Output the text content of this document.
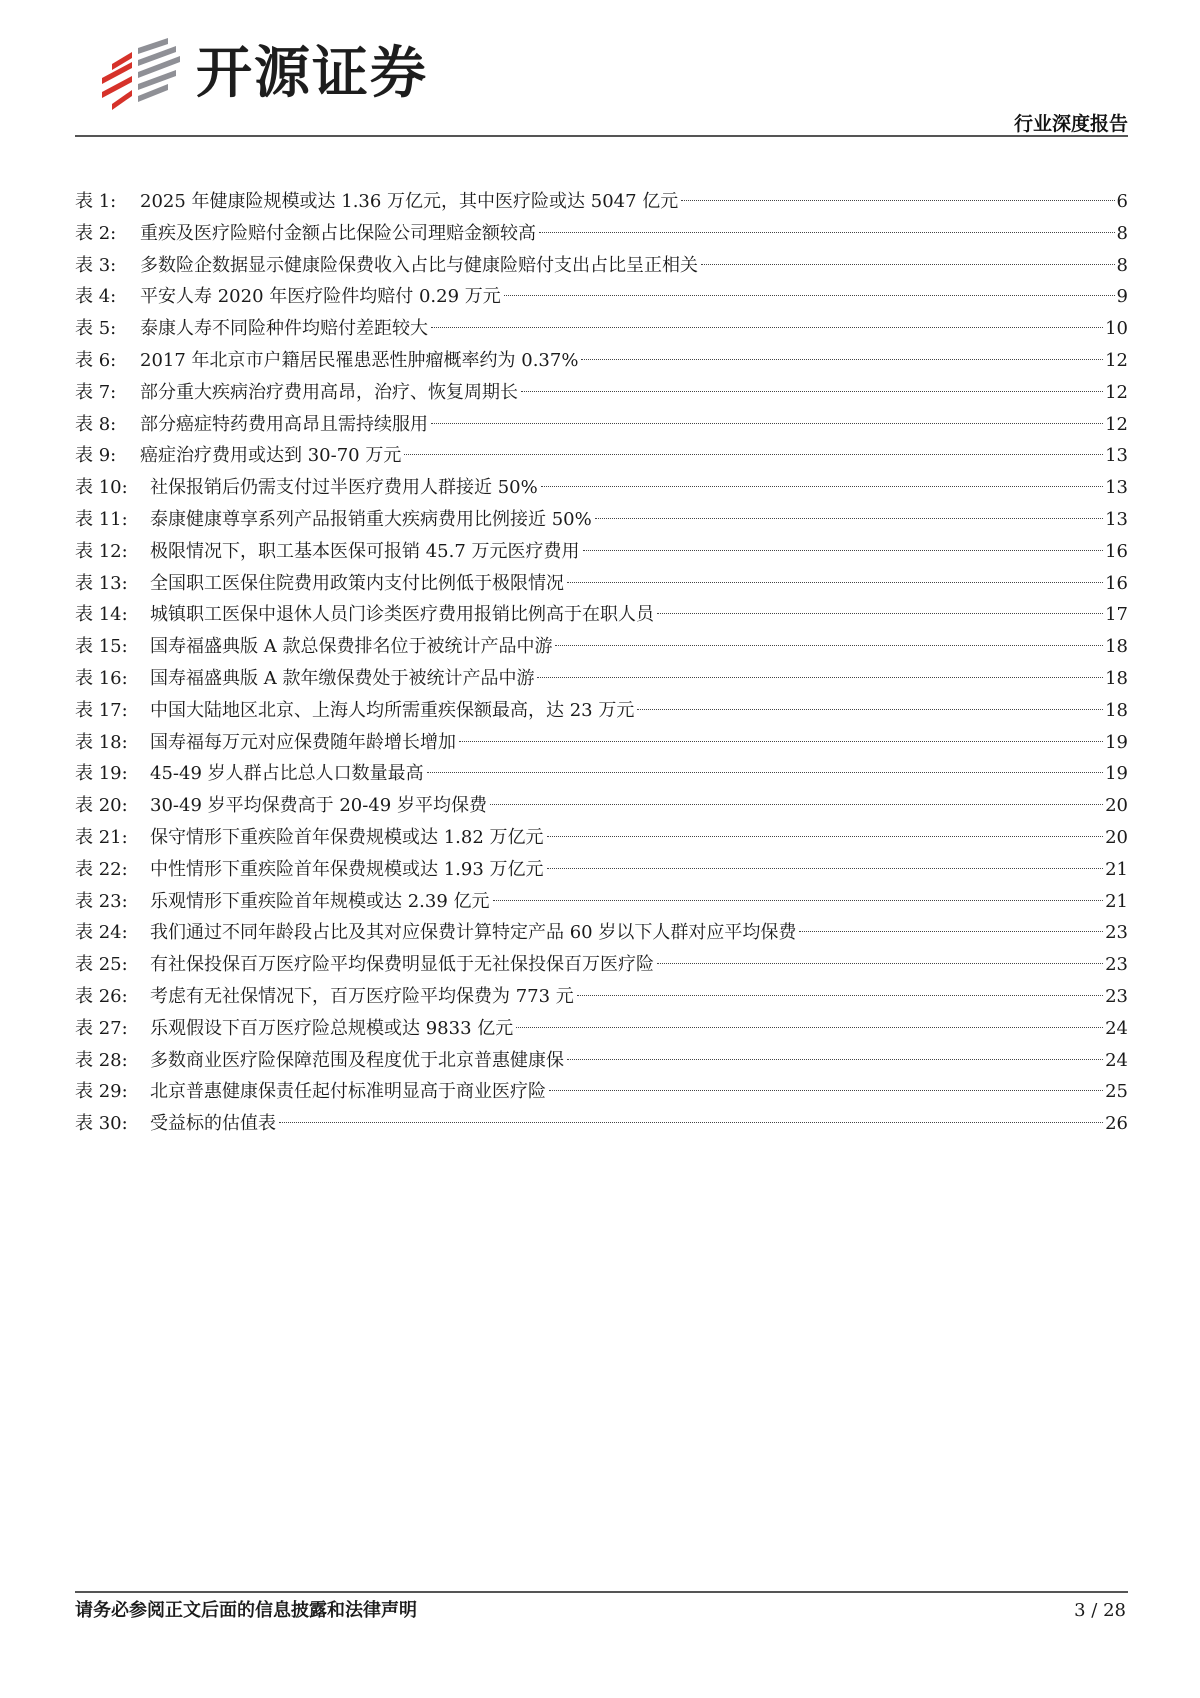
开源证券
行业深度报告
表 1:	2025 年健康险规模或达 1.36 万亿元，其中医疗险或达 5047 亿元	6
表 2:	重疾及医疗险赔付金额占比保险公司理赔金额较高	8
表 3:	多数险企数据显示健康险保费收入占比与健康险赔付支出占比呈正相关	8
表 4:	平安人寿 2020 年医疗险件均赔付 0.29 万元	9
表 5:	泰康人寿不同险种件均赔付差距较大	10
表 6:	2017 年北京市户籍居民罹患恶性肿瘤概率约为 0.37%	12
表 7:	部分重大疾病治疗费用高昂，治疗、恢复周期长	12
表 8:	部分癌症特药费用高昂且需持续服用	12
表 9:	癌症治疗费用或达到 30-70 万元	13
表 10:	社保报销后仍需支付过半医疗费用人群接近 50%	13
表 11:	泰康健康尊享系列产品报销重大疾病费用比例接近 50%	13
表 12:	极限情况下，职工基本医保可报销 45.7 万元医疗费用	16
表 13:	全国职工医保住院费用政策内支付比例低于极限情况	16
表 14:	城镇职工医保中退休人员门诊类医疗费用报销比例高于在职人员	17
表 15:	国寿福盛典版 A 款总保费排名位于被统计产品中游	18
表 16:	国寿福盛典版 A 款年缴保费处于被统计产品中游	18
表 17:	中国大陆地区北京、上海人均所需重疾保额最高，达 23 万元	18
表 18:	国寿福每万元对应保费随年龄增长增加	19
表 19:	45-49 岁人群占比总人口数量最高	19
表 20:	30-49 岁平均保费高于 20-49 岁平均保费	20
表 21:	保守情形下重疾险首年保费规模或达 1.82 万亿元	20
表 22:	中性情形下重疾险首年保费规模或达 1.93 万亿元	21
表 23:	乐观情形下重疾险首年规模或达 2.39 亿元	21
表 24:	我们通过不同年龄段占比及其对应保费计算特定产品 60 岁以下人群对应平均保费	23
表 25:	有社保投保百万医疗险平均保费明显低于无社保投保百万医疗险	23
表 26:	考虑有无社保情况下，百万医疗险平均保费为 773 元	23
表 27:	乐观假设下百万医疗险总规模或达 9833 亿元	24
表 28:	多数商业医疗险保障范围及程度优于北京普惠健康保	24
表 29:	北京普惠健康保责任起付标准明显高于商业医疗险	25
表 30:	受益标的估值表	26
请务必参阅正文后面的信息披露和法律声明	3 / 28
